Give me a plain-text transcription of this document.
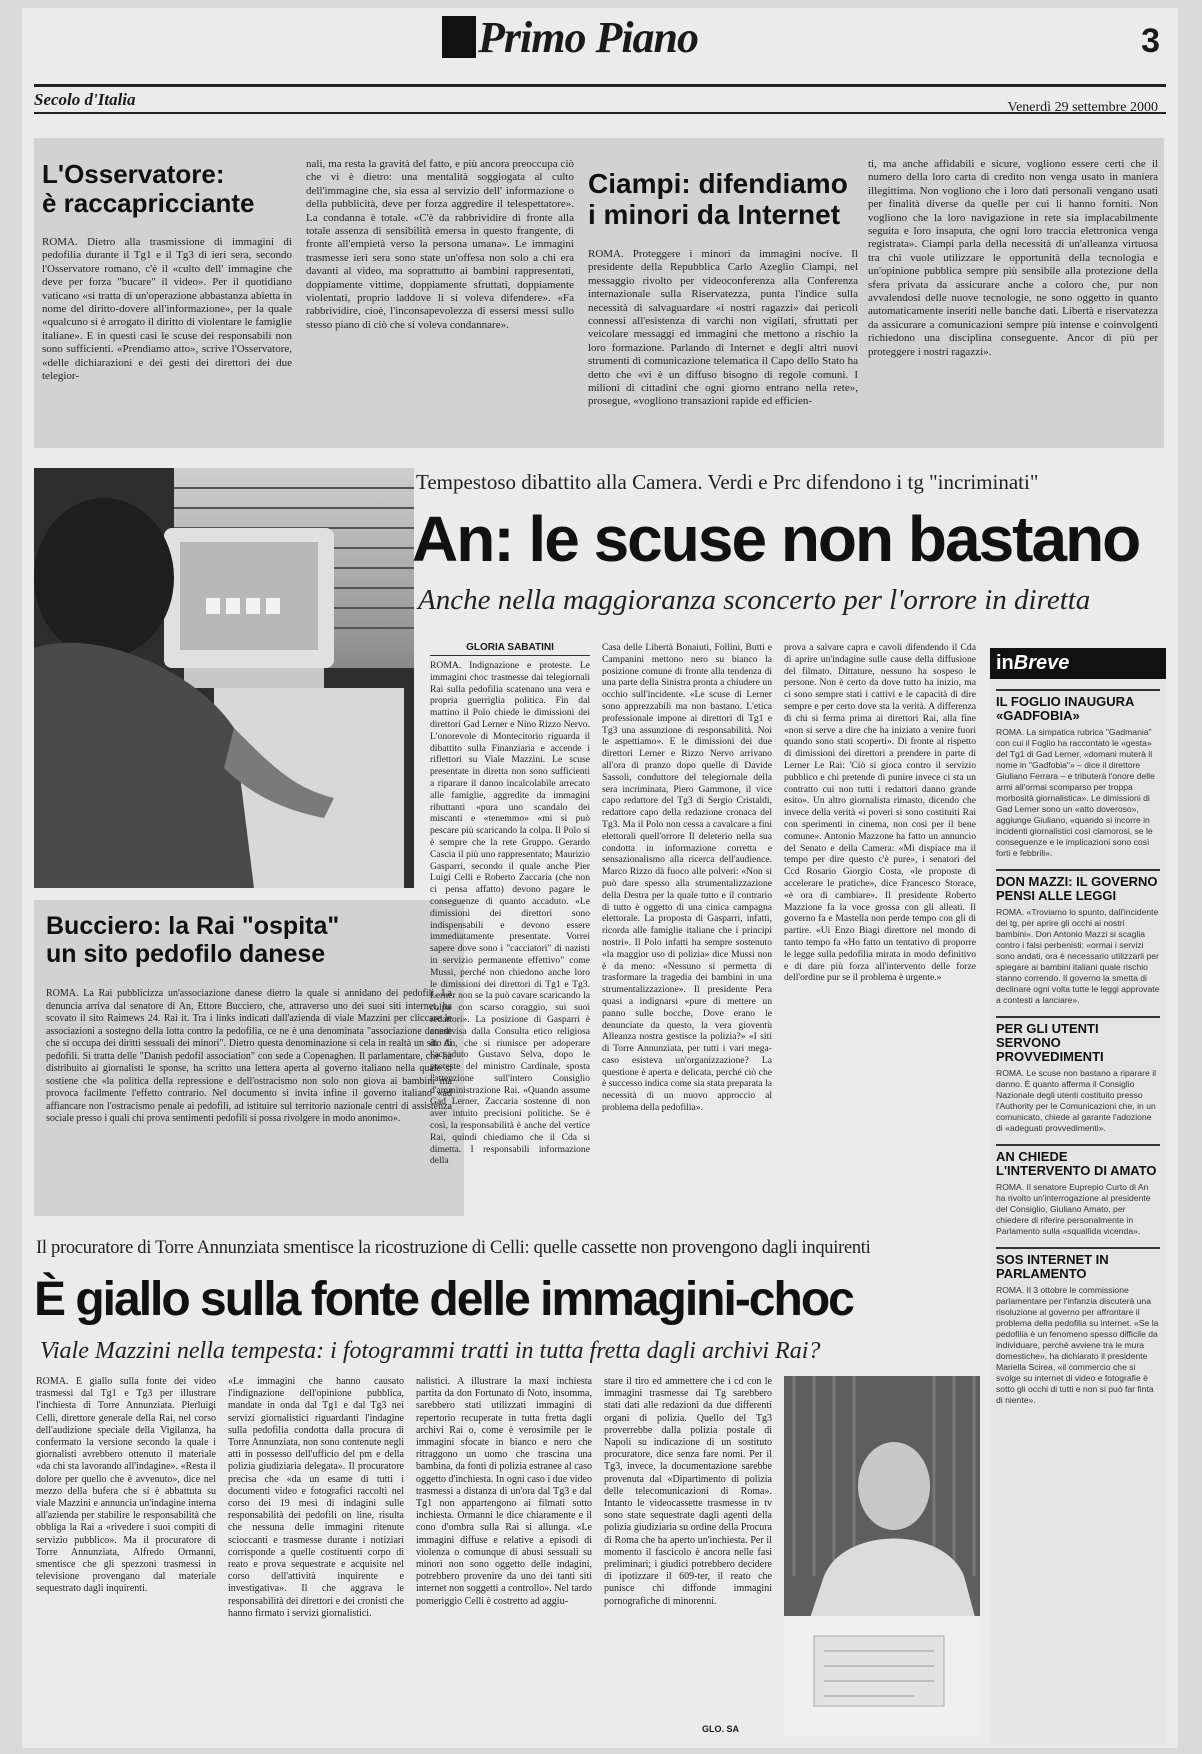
Primo Piano	3
Secolo d'Italia	Venerdì 29 settembre 2000
L'Osservatore:
è raccapricciante
ROMA. Dietro alla trasmissione di immagini di pedofilia durante il Tg1 e il Tg3 di ieri sera, secondo l'Osservatore romano, c'è il «culto dell' immagine che deve per forza "bucare" il video». Per il quotidiano vaticano «si tratta di un'operazione abbastanza abietta in nome del diritto-dovere all'informazione», per la quale «qualcuno si è arrogato il diritto di violentare le famiglie italiane». E in questi casi le scuse dei responsabili non sono sufficienti. «Prendiamo atto», scrive l'Osservatore, «delle dichiarazioni e dei gesti dei direttori dei due telegior-
nali, ma resta la gravità del fatto, e più ancora preoccupa ciò che vi è dietro: una mentalità soggiogata al culto dell'immagine che, sia essa al servizio dell' informazione o della pubblicità, deve per forza aggredire il telespettatore». La condanna è totale. «C'è da rabbrividire di fronte alla totale assenza di sensibilità emersa in questo frangente, di fronte all'empietà verso la persona umana». Le immagini trasmesse ieri sera sono state un'offesa non solo a chi era davanti al video, ma soprattutto ai bambini rappresentati, doppiamente vittime, doppiamente sfruttati, doppiamente violentati, proprio laddove li si voleva difendere». «Fa rabbrividire, cioè, l'inconsapevolezza di essersi messi sullo stesso piano di ciò che si voleva condannare».
Ciampi: difendiamo
i minori da Internet
ROMA. Proteggere i minori da immagini nocive. Il presidente della Repubblica Carlo Azeglio Ciampi, nel messaggio rivolto per videoconferenza alla Conferenza internazionale sulla Riservatezza, punta l'indice sulla necessità di salvaguardare «i nostri ragazzi» dai pericoli connessi all'esistenza di varchi non vigilati, sfruttati per veicolare messaggi ed immagini che mettono a rischio la loro formazione. Parlando di Internet e degli altri nuovi strumenti di comunicazione telematica il Capo dello Stato ha detto che «vi è un diffuso bisogno di regole comuni. I milioni di cittadini che ogni giorno entrano nella rete», prosegue, «vogliono transazioni rapide ed efficien-
ti, ma anche affidabili e sicure, vogliono essere certi che il numero della loro carta di credito non venga usato in maniera illegittima. Non vogliono che i loro dati personali vengano usati per finalità diverse da quelle per cui li hanno forniti. Non vogliono che la loro navigazione in rete sia implacabilmente seguita e loro insaputa, che ogni loro traccia elettronica venga registrata». Ciampi parla della necessità di un'alleanza virtuosa tra chi vuole utilizzare le opportunità della tecnologia e un'opinione pubblica sempre più sensibile alla protezione della sfera privata da assicurare anche a coloro che, pur non avvalendosi delle nuove tecnologie, ne sono oggetto in quanto automaticamente inseriti nelle banche dati. Libertà e riservatezza da assicurare a comunicazioni sempre più intense e coinvolgenti richiedono una disciplina conseguente. Ancor di più per proteggere i nostri ragazzi».
Bucciero: la Rai "ospita"
un sito pedofilo danese
ROMA. La Rai pubblicizza un'associazione danese dietro la quale si annidano dei pedofili. La denuncia arriva dal senatore di An, Ettore Bucciero, che, attraverso uno dei suoi siti internet, ha scovato il sito Raimews 24. Rai it. Tra i links indicati dall'azienda di viale Mazzini per cliccare le associazioni a sostegno della lotta contro la pedofilia, ce ne è una denominata "associazione danese che si occupa dei diritti sessuali dei minori". Dietro questa denominazione si cela in realtà un sito di pedofili. Si tratta delle "Danish pedofil association" con sede a Copenaghen. Il parlamentare, che ha distribuito ai giornalisti le sponse, ha scritto una lettera aperta al governo italiano nella quale si sostiene che «la politica della repressione e dell'ostracismo non solo non giova ai bambini ma provoca facilmente l'effetto contrario. Nel documento si invita infine il governo italiano «ad affiancare non l'ostracismo penale ai pedofili, ad istituire sul territorio nazionale centri di assistenza sociale presso i quali chi prova sentimenti pedofili si possa rivolgere in modo anonimo».
Tempestoso dibattito alla Camera. Verdi e Prc difendono i tg "incriminati"
An: le scuse non bastano
Anche nella maggioranza sconcerto per l'orrore in diretta
GLORIA SABATINI
ROMA. Indignazione e proteste. Le immagini choc trasmesse dai telegiornali Rai sulla pedofilia scatenano una vera e propria guerriglia politica. Fin dal mattino il Polo chiede le dimissioni dei direttori Gad Lerner e Nino Rizzo Nervo. L'onorevole di Montecitorio riguarda il dibattito sulla Finanziaria e accende i riflettori su Viale Mazzini. Le scuse presentate in diretta non sono sufficienti a riparare il danno incalcolabile arrecato alle famiglie, aggredite da immagini ributtanti «pura uno scandalo dei miscanti e «tenemmo» «mi si può pescare più scaricando la colpa. Il Polo si è sempre che la rete Gruppo. Gerardo Cascia il più uno rappresentato; Maurizio Gasparri, secondo il quale anche Pier Luigi Celli e Roberto Zaccaria (che non ci pensa affatto) devono pagare le conseguenze di quanto accaduto. «Le dimissioni dei direttori sono indispensabili e devono essere immediatamente presentate. Vorrei sapere dove sono i "cacciatori" di nazisti in servizio permanente effettivo" come Mussi, perché non chiedono anche loro le dimissioni dei direttori di Tg1 e Tg3. Lerner non se la può cavare scaricando la colpa con scarso coraggio, sui suoi redattori». La posizione di Gasparri è condivisa dalla Consulta etico religiosa di An, che si riunisce per adoperare l'accaduto Gustavo Selva, dopo le proteste del ministro Cardinale, sposta l'attenzione sull'intero Consiglio d'amministrazione Rai. «Quando assume Gad Lerner, Zaccaria sostenne di non aver intuito precisioni politiche. Se è così, la responsabilità è anche del vertice Rai, quindi chiediamo che il Cda si dimetta. I responsabili informazione della
Casa delle Libertà Bonaiuti, Follini, Butti e Campanini mettono nero su bianco la posizione comune di fronte alla tendenza di una parte della Sinistra pronta a chiudere un occhio sull'incidente. «Le scuse di Lerner sono apprezzabili ma non bastano. L'etica professionale impone ai direttori di Tg1 e Tg3 una assunzione di responsabilità. Noi le aspettiamo». E le dimissioni dei due direttori Lerner e Rizzo Nervo arrivano all'ora di pranzo dopo quelle di Davide Sassoli, conduttore del telegiornale della sera incriminata, Piero Gammone, il vice capo redattore del Tg3 di Sergio Cristaldi, redattore capo della redazione cronaca del Tg3. Ma il Polo non cessa a cavalcare a fini elettorali quell'orrore Il deleterio nella sua condotta in informazione corretta e sensazionalismo alla ricerca dell'audience. Marco Rizzo dà fuoco alle polveri: «Non si può dare spesso alla strumentalizzazione della Destra per la quale tutto e il contrario di tutto è oggetto di una cinica campagna elettorale. La proposta di Gasparri, infatti, ricorda alle famiglie italiane che i principi nostri». Il Polo infatti ha sempre sostenuto «la maggior uso di polizia» dice Mussi non è da meno: «Nessuno si permetta di trasformare la tragedia dei bambini in una strumentalizzazione». Il presidente Pera quasi a indignarsi «pure di mettere un panno sulle bocche, Dove erano le denunciate da questo, la vera gioventù Alleanza nostra gestisce la polizia?» «I siti di Torre Annunziata, per tutti i vari mega-caso esisteva un'organizzazione? La questione è aperta e delicata, perché ciò che è successo indica come sia stata preparata la necessità di un nuovo approccio al problema della pedofilia».
prova a salvare capra e cavoli difendendo il Cda di aprire un'indagine sulle cause della diffusione del filmato. Dittature, nessuno ha sospeso le persone. Non è certo da dove tutto ha inizio, ma ci sono sempre stati i cattivi e le capacità di dire sempre e per certo dove sta la verità. A differenza di chi si ferma prima ai direttori Rai, alla fine «non si serve a dire che ha iniziato a venire fuori quando sono stati scoperti». Di fronte al rispetto di dimissioni dei direttori a prendere in parte di Lerner Le Rai: 'Ciò si gioca contro il servizio pubblico e chi pretende di punire invece ci sta un contratto cui non tutti i redattori danno grande esito». Un altro giornalista rimasto, dicendo che invece della verità «i poveri si sono costituiti Rai con sperimenti in cinema, non così per il bene comune». Antonio Mazzone ha fatto un annuncio del Senato e della Camera: «Mi dispiace ma il tempo per dire questo c'è pure», i senatori del Ccd Rosario Giorgio Costa, «le proposte di accelerare le pratiche», dice Francesco Storace, «è ora di cambiare». Il presidente Roberto Mazzione fa la voce grossa con gli alleati. Il governo fa e Mastella non perde tempo con gli di partire. «Ui Enzo Biagi direttore nel mondo di tanto tempo fa «Ho fatto un tentativo di proporre le legge sulla pedofilia mirata in modo definitivo e di dare più forza all'intervento delle forze dell'ordine pur se il problema è urgente.»
inBreve
IL FOGLIO INAUGURA «GADFOBIA»
ROMA. La simpatica rubrica "Gadmania" con cui il Foglio ha raccontato le «gesta» del Tg1 di Gad Lerner, «domani muterà il nome in "Gadfobia"» – dice il direttore Giuliano Ferrara – e tributerà l'onore delle armi all'ormai scomparso per troppa morbosità giornalistica». Le dimissioni di Gad Lerner sono un «atto doveroso», aggiunge Giuliano, «quando si incorre in incidenti giornalistici così clamorosi, se le conseguenze e le implicazioni sono così forti e febbrili».
DON MAZZI: IL GOVERNO PENSI ALLE LEGGI
ROMA. «Troviamo lo spunto, dall'incidente dei tg, per aprire gli occhi ai nostri bambini». Don Antonio Mazzi si scaglia contro i falsi perbenisti: «ormai i servizi sono andati, ora è necessario utilizzarli per spiegare ai bambini italiani quale rischio stanno correndo. Il governo la smetta di declinare ogni volta tutte le leggi approvate a contesti a lanciare».
PER GLI UTENTI SERVONO PROVVEDIMENTI
ROMA. Le scuse non bastano a riparare il danno. È quanto afferma il Consiglio Nazionale degli utenti costituito presso l'Authority per le Comunicazioni che, in un comunicato, chiede al garante l'adozione di «adeguati provvedimenti».
AN CHIEDE L'INTERVENTO DI AMATO
ROMA. Il senatore Euprepio Curto di An ha rivolto un'interrogazione al presidente del Consiglio, Giuliano Amato, per chiedere di riferire personalmente in Parlamento sulla «squallida vicenda».
SOS INTERNET IN PARLAMENTO
ROMA. Il 3 ottobre le commissione parlamentare per l'infanzia discuterà una risoluzione al governo per affrontare il problema della pedofilia su internet. «Se la pedofilia è un fenomeno spesso difficile da individuare, perché avviene tra le mura domestiche», ha dichiarato il presidente Mariella Scirea, «il commercio che si svolge su internet di video e fotografie è sotto gli occhi di tutti e non si può far finta di niente».
Il procuratore di Torre Annunziata smentisce la ricostruzione di Celli: quelle cassette non provengono dagli inquirenti
È giallo sulla fonte delle immagini-choc
Viale Mazzini nella tempesta: i fotogrammi tratti in tutta fretta dagli archivi Rai?
ROMA. È giallo sulla fonte dei video trasmessi dal Tg1 e Tg3 per illustrare l'inchiesta di Torre Annunziata. Pierluigi Celli, direttore generale della Rai, nel corso dell'audizione speciale della Vigilanza, ha confermato la versione secondo la quale i giornalisti avrebbero ottenuto il materiale «da chi sta lavorando all'indagine». «Resta il dolore per quello che è avvenuto», dice nel mezzo della bufera che si è abbattuta su viale Mazzini e annuncia un'indagine interna all'azienda per stabilire le responsabilità che obbliga la Rai a «rivedere i suoi compiti di servizio pubblico». Ma il procuratore di Torre Annunziata, Alfredo Ormanni, smentisce che gli spezzoni trasmessi in televisione provengano dal materiale sequestrato dagli inquirenti.
«Le immagini che hanno causato l'indignazione dell'opinione pubblica, mandate in onda dal Tg1 e dal Tg3 nei servizi giornalistici riguardanti l'indagine sulla pedofilia condotta dalla procura di Torre Annunziata, non sono contenute negli atti in possesso dell'ufficio del pm e della polizia giudiziaria delegata». Il procuratore precisa che «da un esame di tutti i documenti video e fotografici raccolti nel corso dei 19 mesi di indagini sulle responsabilità dei pedofili on line, risulta che nessuna delle immagini ritenute scioccanti e trasmesse durante i notiziari corrisponde a quelle costituenti corpo di reato e prova sequestrate e acquisite nel corso dell'attività inquirente e investigativa». Il che aggrava le responsabilità dei direttori e dei cronisti che hanno firmato i servizi giornalistici.
nalistici. A illustrare la maxi inchiesta partita da don Fortunato di Noto, insomma, sarebbero stati utilizzati immagini di repertorio recuperate in tutta fretta dagli archivi Rai o, come è verosimile per le immagini sfocate in bianco e nero che ritraggono un uomo che trascina una bambina, da fonti di polizia estranee al caso oggetto d'inchiesta. In ogni caso i due video trasmessi a distanza di un'ora dal Tg3 e dal Tg1 non appartengono ai filmati sotto inchiesta. Ormanni le dice chiaramente e il cono d'ombra sulla Rai si allunga. «Le immagini diffuse e relative a episodi di violenza o comunque di abusi sessuali su minori non sono oggetto delle indagini, potrebbero provenire da uno dei tanti siti internet non soggetti a controllo». Nel tardo pomeriggio Celli è costretto ad aggiu-
stare il tiro ed ammettere che i cd con le immagini trasmesse dai Tg sarebbero stati dati alle redazioni da due differenti organi di polizia. Quello del Tg3 proverrebbe dalla polizia postale di Napoli su indicazione di un sostituto procuratore, dice senza fare nomi. Per il Tg3, invece, la documentazione sarebbe provenuta dal «Dipartimento di polizia delle telecomunicazioni di Roma». Intanto le videocassette trasmesse in tv sono state sequestrate dagli agenti della polizia giudiziaria su ordine della Procura di Roma che ha aperto un'inchiesta. Per il momento il fascicolo è ancora nelle fasi preliminari; i giudici potrebbero decidere di ipotizzare il 609-ter, il reato che punisce chi diffonde immagini pornografiche di minorenni.
GLO. SA
